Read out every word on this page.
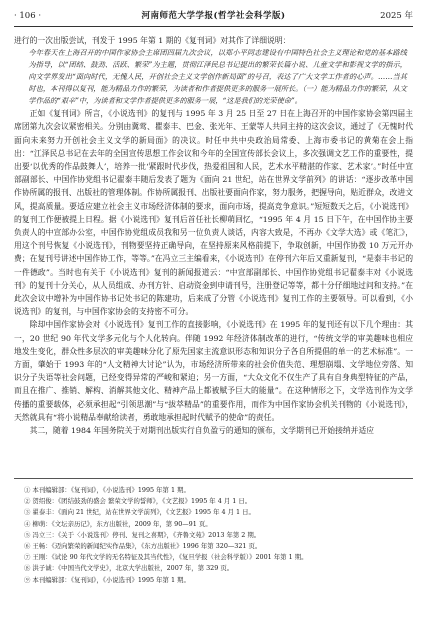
· 106 ·	河南师范大学学报(哲学社会科学版)	2025 年

进行的一次出版尝试，刊发于 1995 年第 1 期的《复刊词》对其作了详细说明：

今年春天在上海召开的中国作家协会主席团四届九次会议，以郑小平同志建设有中国特色社会主义理论和党的基本路线为指导，以“团结、鼓劲、活跃、繁荣”为主题，贯彻江泽民总书记提出的繁荣长篇小说、儿童文学和影视文学的指示，向文学界发出“面向时代，无愧人民，开创社会主义文学创作新局面”的号召，表达了广大文学工作者的心声。……当其时也，本刊得以复刊，能为精品力作的繁荣，为读者和作者提供更多的服务一展所长。（一）能为精品力作的繁荣，从文学作品的“艰辛”中，为读者和文学作者提供更多的服务一展，“这是我们的光荣使命”。

正如《复刊词》所言，《小说选刊》的复刊与 1995 年 3 月 25 日至 27 日在上海召开的中国作家协会第四届主席团第九次会议紧密相关。分别由冀莺、瞿泰丰、巴金、张光年、王蒙等人共同主持的这次会议，通过了《无愧时代面向未来努力开创社会主义文学的新局面》的决议。时任中共中央政治局常委、上海市委书记的黄菊在会上指出：“江泽民总书记在去年的全国宣传思想工作会议和今年的全国宣传部长会议上，多次强调文艺工作的重要性，提出要‘以优秀的作品鼓舞人’，培养一批‘紧跟时代步伐，热爱祖国和人民，艺术水平精湛的作家、艺术家’。”时任中宣部副部长、中国作协党组书记翟泰丰随后发表了题为《面向 21 世纪，站在世界文学前列》的讲话：“逐步改革中国作协所属的报刊、出版社的管理体制。作协所属报刊、出版社要面向作家，努力服务，把握导向，贴近群众，改进文风，提高质量。要适应建立社会主义市场经济体制的要求，面向市场，提高竞争意识。”短短数天之后，《小说选刊》的复刊工作便被提上日程。据《小说选刊》复刊后首任社长柳萌回忆，“1995 年 4 月 15 日下午，在中国作协主要负责人的中宣部办公室，中国作协党组成员我和另一位负责人谈话，内容大致是，不再办《文学大选》或《笔汇》，用这个刊号恢复《小说选刊》，刊物要坚持正确导向，在坚持原来风格前提下，争取创新，中国作协拨 10 万元开办费；在复刊号讲述中国作协工作，等等。”在冯立三主编看来，《小说选刊》在停刊六年后又重新复刊，“是泰丰书记的一件德政”。当时也有关于《小说选刊》复刊的新闻报道云：“中宣部副部长、中国作协党组书记翟泰丰对《小说选刊》的复刊十分关心，从人员组成、办刊方针、启动资金到申请刊号，注册登记等等，都十分仔细地过问和支持。”在此次会议中增补为中国作协书记处书记的陈建功，后来成了分管《小说选刊》复刊工作的主要领导。可以看到，《小说选刊》的复刊，与中国作家协会的支持密不可分。

除却中国作家协会对《小说选刊》复刊工作的直接影响，《小说选刊》在 1995 年的复刊还有以下几个理由：其一，20 世纪 90 年代文学多元化与个人化转向。伴随 1992 年经济体制改革的进行，“传统文学的审美趣味也相应地发生变化，群众性多层次的审美趣味分化了原先国家主流意识形态和知识分子各自所提倡的单一的艺术标准”。一方面，肇始于 1993 年的“人文精神大讨论”认为，市场经济所带来的社会价值失范、理想崩塌、文学地位旁落、知识分子失语等社会问题，已经变得异常的严峻和紧迫；另一方面，“大众文化不仅生产了具有自身典型特征的产品，而且在推广、推销、解构、消解其他文化、精神产品上都被赋予巨大的能量”。在这种情形之下，文学选刊作为文学传播的重要载体，必须承担起“引领思潮”与“拔萃精品”的重要作用，而作为中国作家协会机关刊物的《小说选刊》，天然就具有“将小说精品奉献给读者，勇敢地承担起时代赋予的使命”的责任。

其二，随着 1984 年国务院关于对期刊出版实行自负盈亏的通知的颁布，文学期刊已开始接纳并适应

① 本刊编辑部：《复刊词》，《小说选刊》1995 年第 1 期。
② 贺绍俊：《团结鼓劲的盛会 繁荣文学的誓师》，《文艺报》1995 年 4 月 1 日。
③ 翟泰丰：《面向 21 世纪，站在世界文学前列》，《文艺报》1995 年 4 月 1 日。
④ 柳萌：《文坛亲历记》，东方出版社，2009 年，第 90—91 页。
⑤ 冯立三：《关于〈小说选刊〉停刊、复刊之喜期》，《齐鲁文苑》2013 年第 2 期。
⑥ 王畅：《迈向繁荣的新闻纪实作品集》，《东方出版社》1996 年第 320—321 页。
⑦ 王刚：《试论 90 年代文学的无名特征及其当代性》，《复旦学报（社会科学版）》2001 年第 1 期。
⑧ 洪子诚：《中国当代文学史》，北京大学出版社，2007 年，第 329 页。
⑨ 本刊编辑部：《复刊词》，《小说选刊》1995 年第 1 期。
